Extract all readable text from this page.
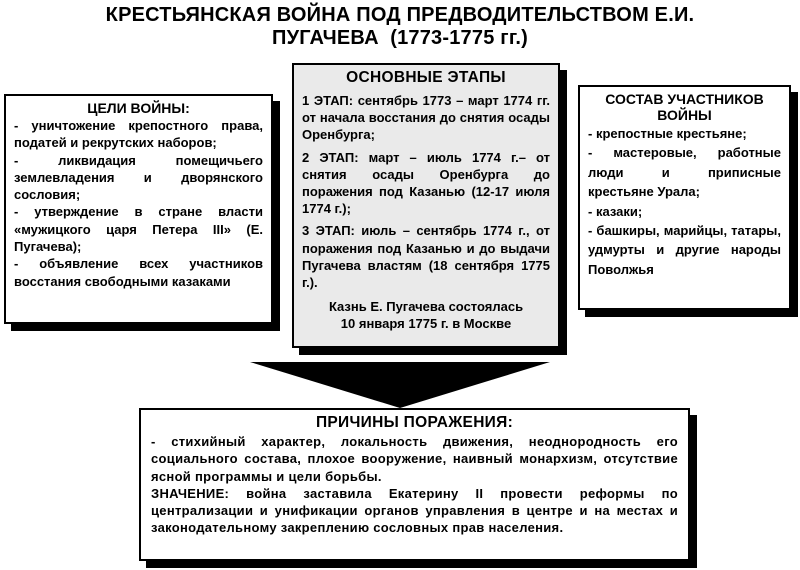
КРЕСТЬЯНСКАЯ ВОЙНА ПОД ПРЕДВОДИТЕЛЬСТВОМ Е.И.
ПУГАЧЕВА  (1773-1775 гг.)
ЦЕЛИ ВОЙНЫ:
- уничтожение крепостного права, податей и рекрутских наборов;
- ликвидация помещичьего землевладения и дворянского сословия;
- утверждение в стране власти «мужицкого царя Петера III» (Е. Пугачева);
- объявление всех участников восстания свободными казаками
ОСНОВНЫЕ ЭТАПЫ
1 ЭТАП: сентябрь 1773 – март 1774 гг. от начала восстания до снятия осады Оренбурга;
2 ЭТАП: март – июль 1774 г.– от снятия осады Оренбурга до поражения под Казанью (12-17 июля 1774 г.);
3 ЭТАП: июль – сентябрь 1774 г., от поражения под Казанью и до выдачи Пугачева властям (18 сентября 1775 г.).
Казнь Е. Пугачева состоялась
10 января 1775 г. в Москве
СОСТАВ УЧАСТНИКОВ
ВОЙНЫ
- крепостные крестьяне;
- мастеровые, работные люди и приписные крестьяне Урала;
- казаки;
- башкиры, марийцы, татары, удмурты и другие народы Поволжья
ПРИЧИНЫ ПОРАЖЕНИЯ:
- стихийный характер, локальность движения, неоднородность его социального состава, плохое вооружение, наивный монархизм, отсутствие ясной программы и цели борьбы.
ЗНАЧЕНИЕ: война заставила Екатерину II провести реформы по централизации и унификации органов управления в центре и на местах и законодательному закреплению сословных прав населения.
